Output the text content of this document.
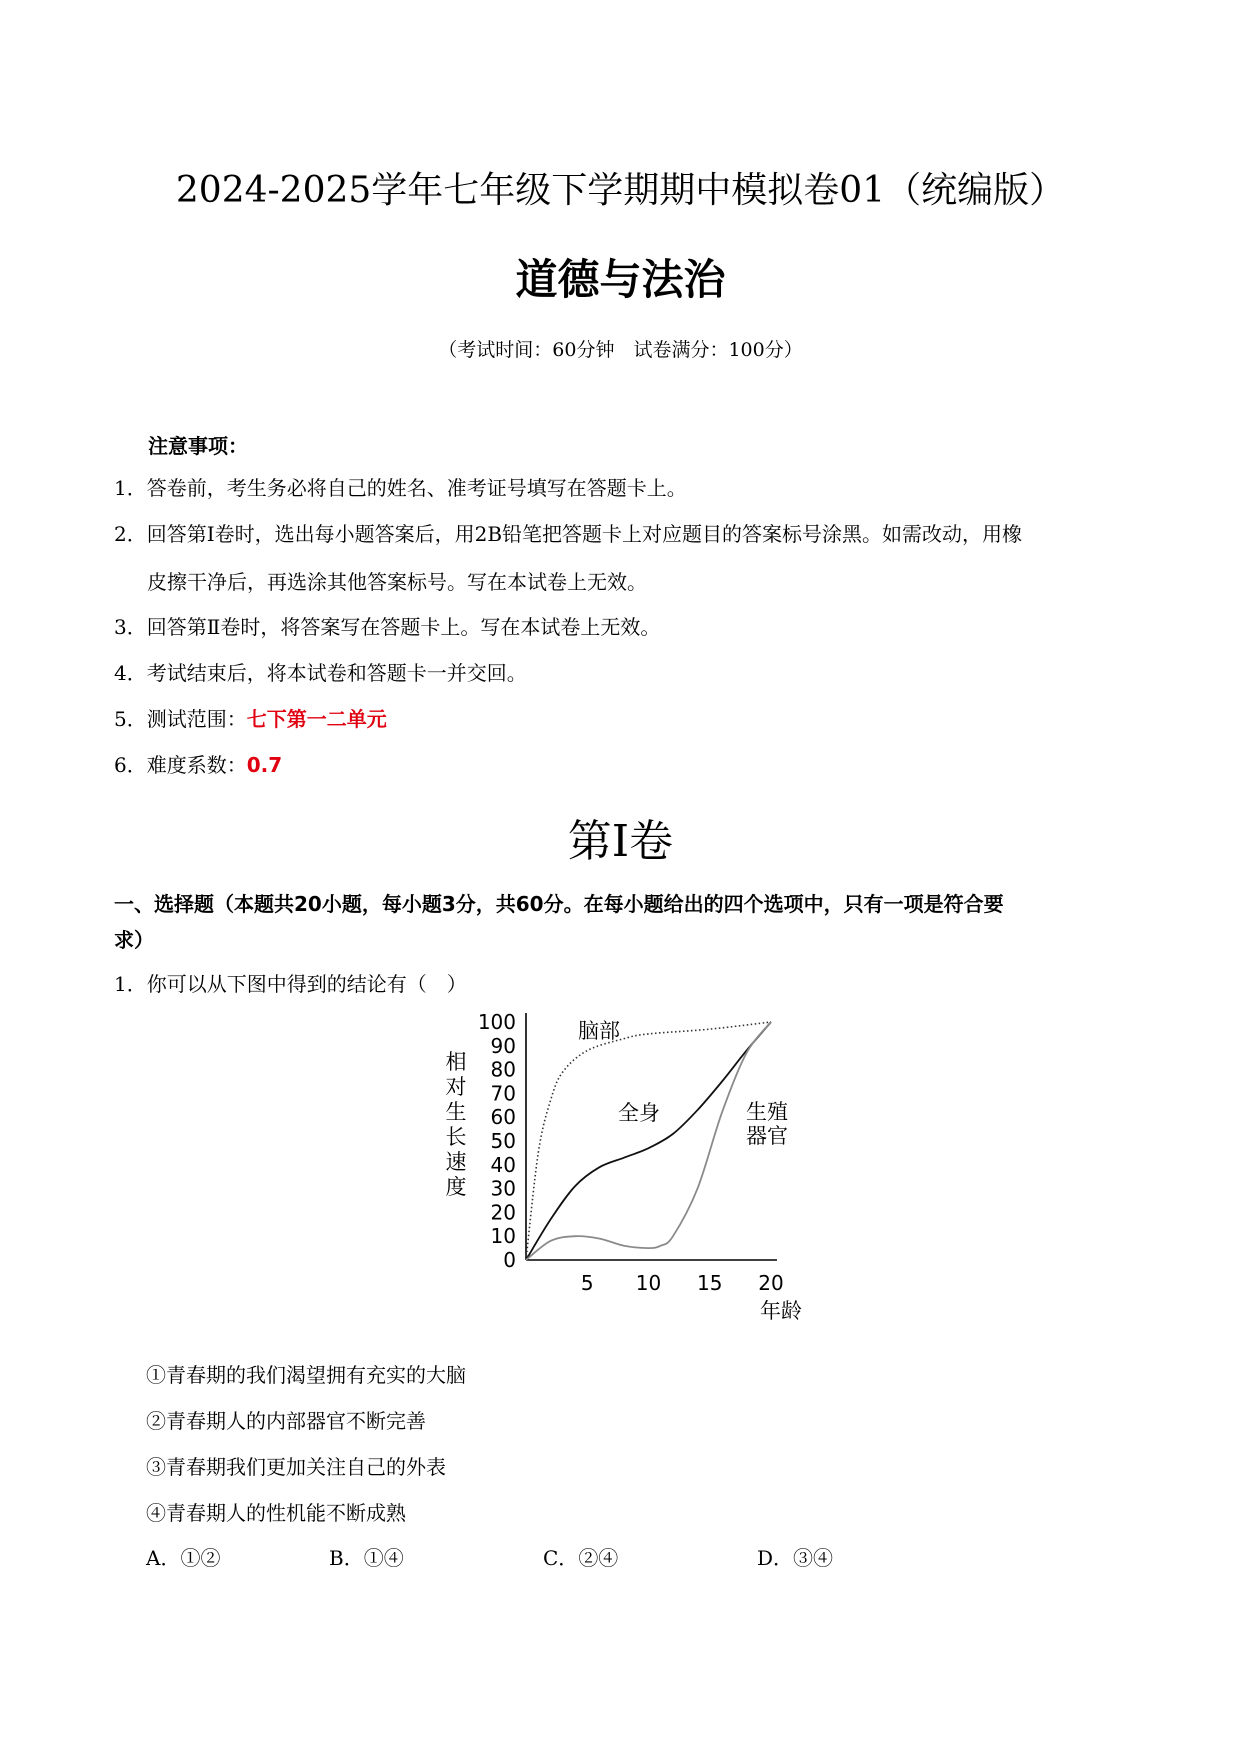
2024-2025学年七年级下学期期中模拟卷01（统编版）
道德与法治
（考试时间：60分钟　试卷满分：100分）
注意事项：
1．答卷前，考生务必将自己的姓名、准考证号填写在答题卡上。
2．回答第Ⅰ卷时，选出每小题答案后，用2B铅笔把答题卡上对应题目的答案标号涂黑。如需改动，用橡
皮擦干净后，再选涂其他答案标号。写在本试卷上无效。
3．回答第Ⅱ卷时，将答案写在答题卡上。写在本试卷上无效。
4．考试结束后，将本试卷和答题卡一并交回。
5．测试范围：七下第一二单元
6．难度系数：0.7
第Ⅰ卷
一、选择题（本题共20小题，每小题3分，共60分。在每小题给出的四个选项中，只有一项是符合要
求）
1．你可以从下图中得到的结论有（　）
相
对
生
长
速
度
0
10
20
30
40
50
60
70
80
90
100
5 10 15 20
年龄
脑部
全身	生殖
器官
①青春期的我们渴望拥有充实的大脑
②青春期人的内部器官不断完善
③青春期我们更加关注自己的外表
④青春期人的性机能不断成熟
A．①②	B．①④	C．②④	D．③④
